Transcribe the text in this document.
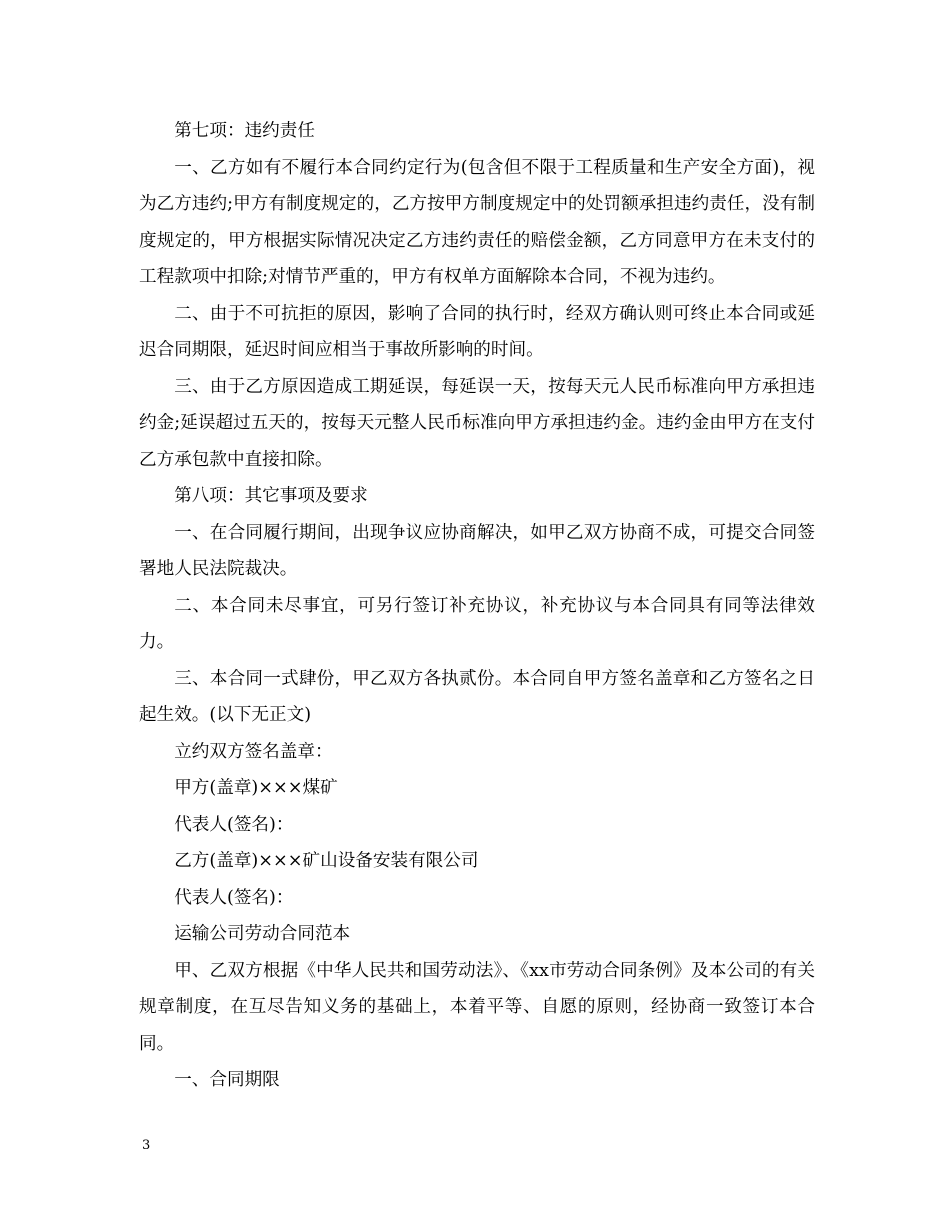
第七项：违约责任

一、乙方如有不履行本合同约定行为(包含但不限于工程质量和生产安全方面)，视为乙方违约;甲方有制度规定的，乙方按甲方制度规定中的处罚额承担违约责任，没有制度规定的，甲方根据实际情况决定乙方违约责任的赔偿金额，乙方同意甲方在未支付的工程款项中扣除;对情节严重的，甲方有权单方面解除本合同，不视为违约。

二、由于不可抗拒的原因，影响了合同的执行时，经双方确认则可终止本合同或延迟合同期限，延迟时间应相当于事故所影响的时间。

三、由于乙方原因造成工期延误，每延误一天，按每天元人民币标准向甲方承担违约金;延误超过五天的，按每天元整人民币标准向甲方承担违约金。违约金由甲方在支付乙方承包款中直接扣除。

第八项：其它事项及要求

一、在合同履行期间，出现争议应协商解决，如甲乙双方协商不成，可提交合同签署地人民法院裁决。

二、本合同未尽事宜，可另行签订补充协议，补充协议与本合同具有同等法律效力。

三、本合同一式肆份，甲乙双方各执贰份。本合同自甲方签名盖章和乙方签名之日起生效。(以下无正文)

立约双方签名盖章：

甲方(盖章)×××煤矿

代表人(签名)：

乙方(盖章)×××矿山设备安装有限公司

代表人(签名)：

运输公司劳动合同范本

甲、乙双方根据《中华人民共和国劳动法》、《xx市劳动合同条例》及本公司的有关规章制度，在互尽告知义务的基础上，本着平等、自愿的原则，经协商一致签订本合同。

一、合同期限

3
